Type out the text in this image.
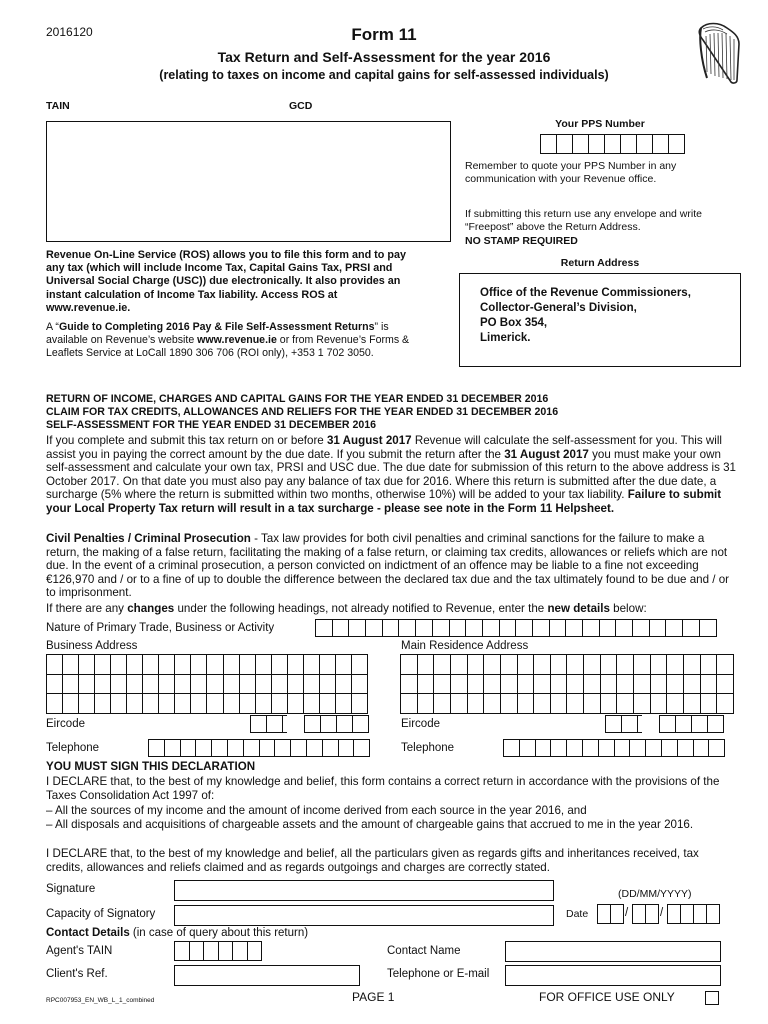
2016120	Form 11
Tax Return and Self-Assessment for the year 2016
(relating to taxes on income and capital gains for self-assessed individuals)
TAIN	GCD
Revenue On-Line Service (ROS) allows you to file this form and to pay any tax (which will include Income Tax, Capital Gains Tax, PRSI and Universal Social Charge (USC)) due electronically. It also provides an instant calculation of Income Tax liability. Access ROS at www.revenue.ie.
A “Guide to Completing 2016 Pay & File Self-Assessment Returns” is available on Revenue’s website www.revenue.ie or from Revenue’s Forms & Leaflets Service at LoCall 1890 306 706 (ROI only), +353 1 702 3050.
Your PPS Number
Remember to quote your PPS Number in any communication with your Revenue office.
If submitting this return use any envelope and write “Freepost” above the Return Address.
NO STAMP REQUIRED
Return Address
Office of the Revenue Commissioners,
Collector-General’s Division,
PO Box 354,
Limerick.
RETURN OF INCOME, CHARGES AND CAPITAL GAINS FOR THE YEAR ENDED 31 DECEMBER 2016
CLAIM FOR TAX CREDITS, ALLOWANCES AND RELIEFS FOR THE YEAR ENDED 31 DECEMBER 2016
SELF-ASSESSMENT FOR THE YEAR ENDED 31 DECEMBER 2016
If you complete and submit this tax return on or before 31 August 2017 Revenue will calculate the self-assessment for you. This will assist you in paying the correct amount by the due date. If you submit the return after the 31 August 2017 you must make your own self-assessment and calculate your own tax, PRSI and USC due. The due date for submission of this return to the above address is 31 October 2017. On that date you must also pay any balance of tax due for 2016. Where this return is submitted after the due date, a surcharge (5% where the return is submitted within two months, otherwise 10%) will be added to your tax liability. Failure to submit your Local Property Tax return will result in a tax surcharge - please see note in the Form 11 Helpsheet.
Civil Penalties / Criminal Prosecution - Tax law provides for both civil penalties and criminal sanctions for the failure to make a return, the making of a false return, facilitating the making of a false return, or claiming tax credits, allowances or reliefs which are not due. In the event of a criminal prosecution, a person convicted on indictment of an offence may be liable to a fine not exceeding €126,970 and / or to a fine of up to double the difference between the declared tax due and the tax ultimately found to be due and / or to imprisonment.
If there are any changes under the following headings, not already notified to Revenue, enter the new details below:
Nature of Primary Trade, Business or Activity
Business Address	Main Residence Address
Eircode	Eircode
Telephone	Telephone
YOU MUST SIGN THIS DECLARATION
I DECLARE that, to the best of my knowledge and belief, this form contains a correct return in accordance with the provisions of the Taxes Consolidation Act 1997 of:
– All the sources of my income and the amount of income derived from each source in the year 2016, and
– All disposals and acquisitions of chargeable assets and the amount of chargeable gains that accrued to me in the year 2016.
I DECLARE that, to the best of my knowledge and belief, all the particulars given as regards gifts and inheritances received, tax credits, allowances and reliefs claimed and as regards outgoings and charges are correctly stated.
Signature	(DD/MM/YYYY)
Capacity of Signatory	Date	/	/
Contact Details (in case of query about this return)
Agent's TAIN	Contact Name
Client's Ref.	Telephone or E-mail
RPC007953_EN_WB_L_1_combined	PAGE 1	FOR OFFICE USE ONLY
